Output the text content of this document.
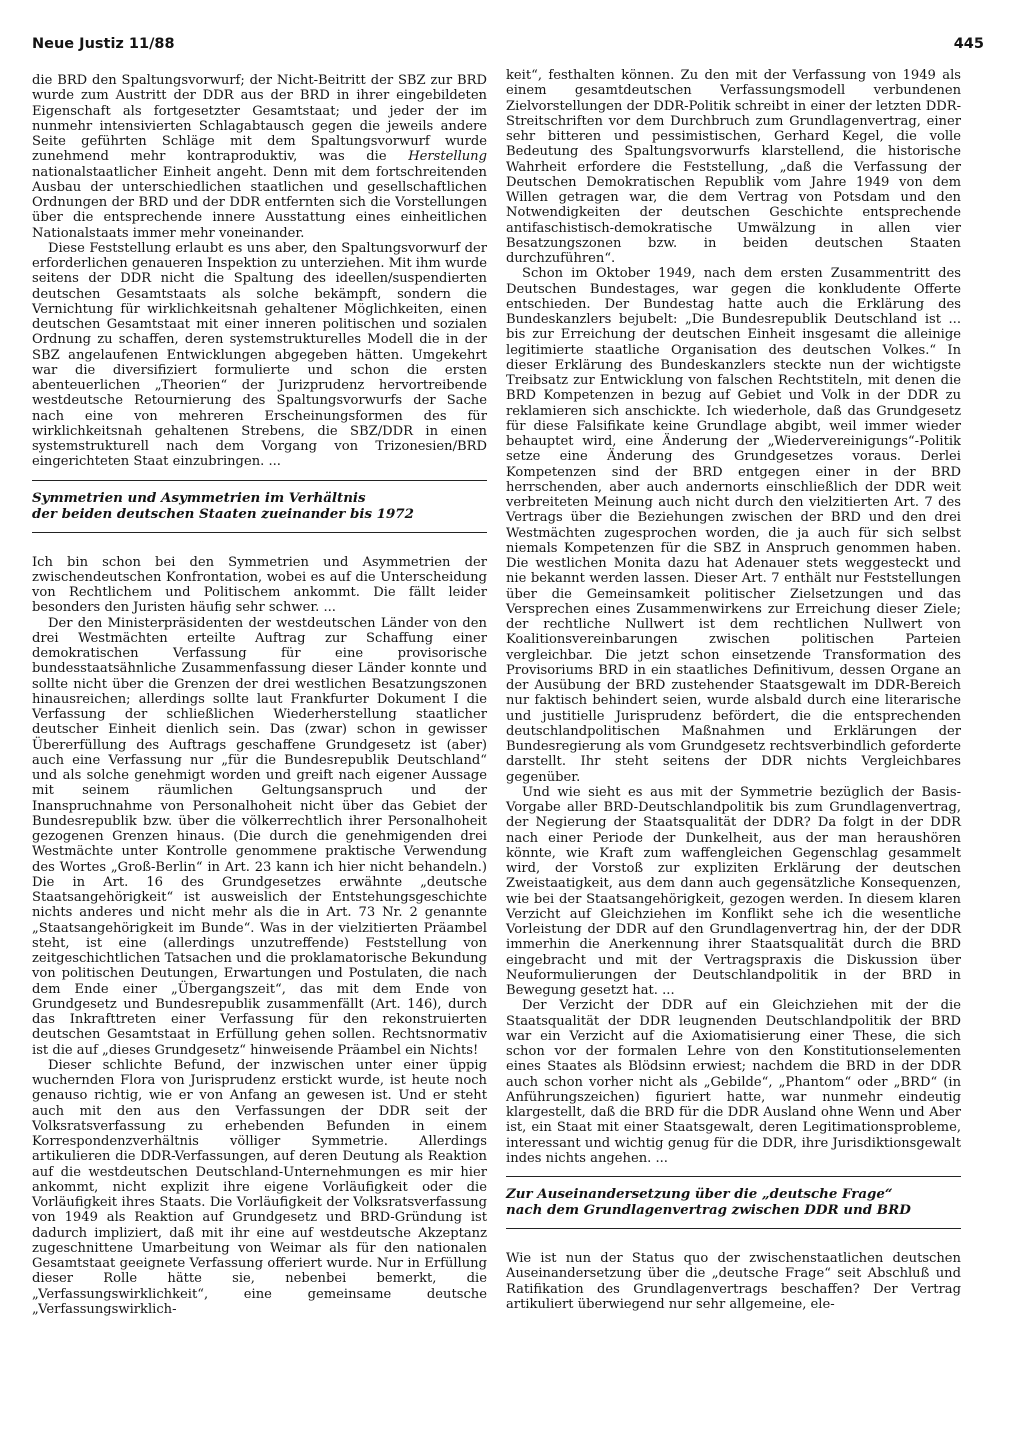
Neue Justiz 11/88	445

die BRD den Spaltungsvorwurf; der Nicht-Beitritt der SBZ zur BRD wurde zum Austritt der DDR aus der BRD in ihrer eingebildeten Eigenschaft als fortgesetzter Gesamtstaat; und jeder der im nunmehr intensivierten Schlagabtausch gegen die jeweils andere Seite geführten Schläge mit dem Spaltungsvorwurf wurde zunehmend mehr kontraproduktiv, was die Herstellung nationalstaatlicher Einheit angeht. Denn mit dem fortschreitenden Ausbau der unterschiedlichen staatlichen und gesellschaftlichen Ordnungen der BRD und der DDR entfernten sich die Vorstellungen über die entsprechende innere Ausstattung eines einheitlichen Nationalstaats immer mehr voneinander.

Diese Feststellung erlaubt es uns aber, den Spaltungsvorwurf der erforderlichen genaueren Inspektion zu unterziehen. Mit ihm wurde seitens der DDR nicht die Spaltung des ideellen/suspendierten deutschen Gesamtstaats als solche bekämpft, sondern die Vernichtung für wirklichkeitsnah gehaltener Möglichkeiten, einen deutschen Gesamtstaat mit einer inneren politischen und sozialen Ordnung zu schaffen, deren systemstrukturelles Modell die in der SBZ angelaufenen Entwicklungen abgegeben hätten. Umgekehrt war die diversifiziert formulierte und schon die ersten abenteuerlichen „Theorien“ der Jurizprudenz hervortreibende westdeutsche Retournierung des Spaltungsvorwurfs der Sache nach eine von mehreren Erscheinungsformen des für wirklichkeitsnah gehaltenen Strebens, die SBZ/DDR in einen systemstrukturell nach dem Vorgang von Trizonesien/BRD eingerichteten Staat einzubringen. ...

Symmetrien und Asymmetrien im Verhältnis
der beiden deutschen Staaten zueinander bis 1972

Ich bin schon bei den Symmetrien und Asymmetrien der zwischendeutschen Konfrontation, wobei es auf die Unterscheidung von Rechtlichem und Politischem ankommt. Die fällt leider besonders den Juristen häufig sehr schwer. ...

Der den Ministerpräsidenten der westdeutschen Länder von den drei Westmächten erteilte Auftrag zur Schaffung einer demokratischen Verfassung für eine provisorische bundesstaatsähnliche Zusammenfassung dieser Länder konnte und sollte nicht über die Grenzen der drei westlichen Besatzungszonen hinausreichen; allerdings sollte laut Frankfurter Dokument I die Verfassung der schließlichen Wiederherstellung staatlicher deutscher Einheit dienlich sein. Das (zwar) schon in gewisser Übererfüllung des Auftrags geschaffene Grundgesetz ist (aber) auch eine Verfassung nur „für die Bundesrepublik Deutschland“ und als solche genehmigt worden und greift nach eigener Aussage mit seinem räumlichen Geltungsanspruch und der Inanspruchnahme von Personalhoheit nicht über das Gebiet der Bundesrepublik bzw. über die völkerrechtlich ihrer Personalhoheit gezogenen Grenzen hinaus. (Die durch die genehmigenden drei Westmächte unter Kontrolle genommene praktische Verwendung des Wortes „Groß-Berlin“ in Art. 23 kann ich hier nicht behandeln.) Die in Art. 16 des Grundgesetzes erwähnte „deutsche Staatsangehörigkeit“ ist ausweislich der Entstehungsgeschichte nichts anderes und nicht mehr als die in Art. 73 Nr. 2 genannte „Staatsangehörigkeit im Bunde“. Was in der vielzitierten Präambel steht, ist eine (allerdings unzutreffende) Feststellung von zeitgeschichtlichen Tatsachen und die proklamatorische Bekundung von politischen Deutungen, Erwartungen und Postulaten, die nach dem Ende einer „Übergangszeit“, das mit dem Ende von Grundgesetz und Bundesrepublik zusammenfällt (Art. 146), durch das Inkrafttreten einer Verfassung für den rekonstruierten deutschen Gesamtstaat in Erfüllung gehen sollen. Rechtsnormativ ist die auf „dieses Grundgesetz“ hinweisende Präambel ein Nichts!

Dieser schlichte Befund, der inzwischen unter einer üppig wuchernden Flora von Jurisprudenz erstickt wurde, ist heute noch genauso richtig, wie er von Anfang an gewesen ist. Und er steht auch mit den aus den Verfassungen der DDR seit der Volksratsverfassung zu erhebenden Befunden in einem Korrespondenzverhältnis völliger Symmetrie. Allerdings artikulieren die DDR-Verfassungen, auf deren Deutung als Reaktion auf die westdeutschen Deutschland-Unternehmungen es mir hier ankommt, nicht explizit ihre eigene Vorläufigkeit oder die Vorläufigkeit ihres Staats. Die Vorläufigkeit der Volksratsverfassung von 1949 als Reaktion auf Grundgesetz und BRD-Gründung ist dadurch impliziert, daß mit ihr eine auf westdeutsche Akzeptanz zugeschnittene Umarbeitung von Weimar als für den nationalen Gesamtstaat geeignete Verfassung offeriert wurde. Nur in Erfüllung dieser Rolle hätte sie, nebenbei bemerkt, die „Verfassungswirklichkeit“, eine gemeinsame deutsche „Verfassungswirklich-

keit“, festhalten können. Zu den mit der Verfassung von 1949 als einem gesamtdeutschen Verfassungsmodell verbundenen Zielvorstellungen der DDR-Politik schreibt in einer der letzten DDR-Streitschriften vor dem Durchbruch zum Grundlagenvertrag, einer sehr bitteren und pessimistischen, Gerhard Kegel, die volle Bedeutung des Spaltungsvorwurfs klarstellend, die historische Wahrheit erfordere die Feststellung, „daß die Verfassung der Deutschen Demokratischen Republik vom Jahre 1949 von dem Willen getragen war, die dem Vertrag von Potsdam und den Notwendigkeiten der deutschen Geschichte entsprechende antifaschistisch-demokratische Umwälzung in allen vier Besatzungszonen bzw. in beiden deutschen Staaten durchzuführen“.

Schon im Oktober 1949, nach dem ersten Zusammentritt des Deutschen Bundestages, war gegen die konkludente Offerte entschieden. Der Bundestag hatte auch die Erklärung des Bundeskanzlers bejubelt: „Die Bundesrepublik Deutschland ist ... bis zur Erreichung der deutschen Einheit insgesamt die alleinige legitimierte staatliche Organisation des deutschen Volkes.“ In dieser Erklärung des Bundeskanzlers steckte nun der wichtigste Treibsatz zur Entwicklung von falschen Rechtstiteln, mit denen die BRD Kompetenzen in bezug auf Gebiet und Volk in der DDR zu reklamieren sich anschickte. Ich wiederhole, daß das Grundgesetz für diese Falsifikate keine Grundlage abgibt, weil immer wieder behauptet wird, eine Änderung der „Wiedervereinigungs“-Politik setze eine Änderung des Grundgesetzes voraus. Derlei Kompetenzen sind der BRD entgegen einer in der BRD herrschenden, aber auch andernorts einschließlich der DDR weit verbreiteten Meinung auch nicht durch den vielzitierten Art. 7 des Vertrags über die Beziehungen zwischen der BRD und den drei Westmächten zugesprochen worden, die ja auch für sich selbst niemals Kompetenzen für die SBZ in Anspruch genommen haben. Die westlichen Monita dazu hat Adenauer stets weggesteckt und nie bekannt werden lassen. Dieser Art. 7 enthält nur Feststellungen über die Gemeinsamkeit politischer Zielsetzungen und das Versprechen eines Zusammenwirkens zur Erreichung dieser Ziele; der rechtliche Nullwert ist dem rechtlichen Nullwert von Koalitionsvereinbarungen zwischen politischen Parteien vergleichbar. Die jetzt schon einsetzende Transformation des Provisoriums BRD in ein staatliches Definitivum, dessen Organe an der Ausübung der BRD zustehender Staatsgewalt im DDR-Bereich nur faktisch behindert seien, wurde alsbald durch eine literarische und justitielle Jurisprudenz befördert, die die entsprechenden deutschlandpolitischen Maßnahmen und Erklärungen der Bundesregierung als vom Grundgesetz rechtsverbindlich geforderte darstellt. Ihr steht seitens der DDR nichts Vergleichbares gegenüber.

Und wie sieht es aus mit der Symmetrie bezüglich der Basis-Vorgabe aller BRD-Deutschlandpolitik bis zum Grundlagenvertrag, der Negierung der Staatsqualität der DDR? Da folgt in der DDR nach einer Periode der Dunkelheit, aus der man heraushören könnte, wie Kraft zum waffengleichen Gegenschlag gesammelt wird, der Vorstoß zur expliziten Erklärung der deutschen Zweistaatigkeit, aus dem dann auch gegensätzliche Konsequenzen, wie bei der Staatsangehörigkeit, gezogen werden. In diesem klaren Verzicht auf Gleichziehen im Konflikt sehe ich die wesentliche Vorleistung der DDR auf den Grundlagenvertrag hin, der der DDR immerhin die Anerkennung ihrer Staatsqualität durch die BRD eingebracht und mit der Vertragspraxis die Diskussion über Neuformulierungen der Deutschlandpolitik in der BRD in Bewegung gesetzt hat. ...

Der Verzicht der DDR auf ein Gleichziehen mit der die Staatsqualität der DDR leugnenden Deutschlandpolitik der BRD war ein Verzicht auf die Axiomatisierung einer These, die sich schon vor der formalen Lehre von den Konstitutionselementen eines Staates als Blödsinn erwiest; nachdem die BRD in der DDR auch schon vorher nicht als „Gebilde“, „Phantom“ oder „BRD“ (in Anführungszeichen) figuriert hatte, war nunmehr eindeutig klargestellt, daß die BRD für die DDR Ausland ohne Wenn und Aber ist, ein Staat mit einer Staatsgewalt, deren Legitimationsprobleme, interessant und wichtig genug für die DDR, ihre Jurisdiktionsgewalt indes nichts angehen. ...

Zur Auseinandersetzung über die „deutsche Frage“
nach dem Grundlagenvertrag zwischen DDR und BRD

Wie ist nun der Status quo der zwischenstaatlichen deutschen Auseinandersetzung über die „deutsche Frage“ seit Abschluß und Ratifikation des Grundlagenvertrags beschaffen? Der Vertrag artikuliert überwiegend nur sehr allgemeine, ele-
